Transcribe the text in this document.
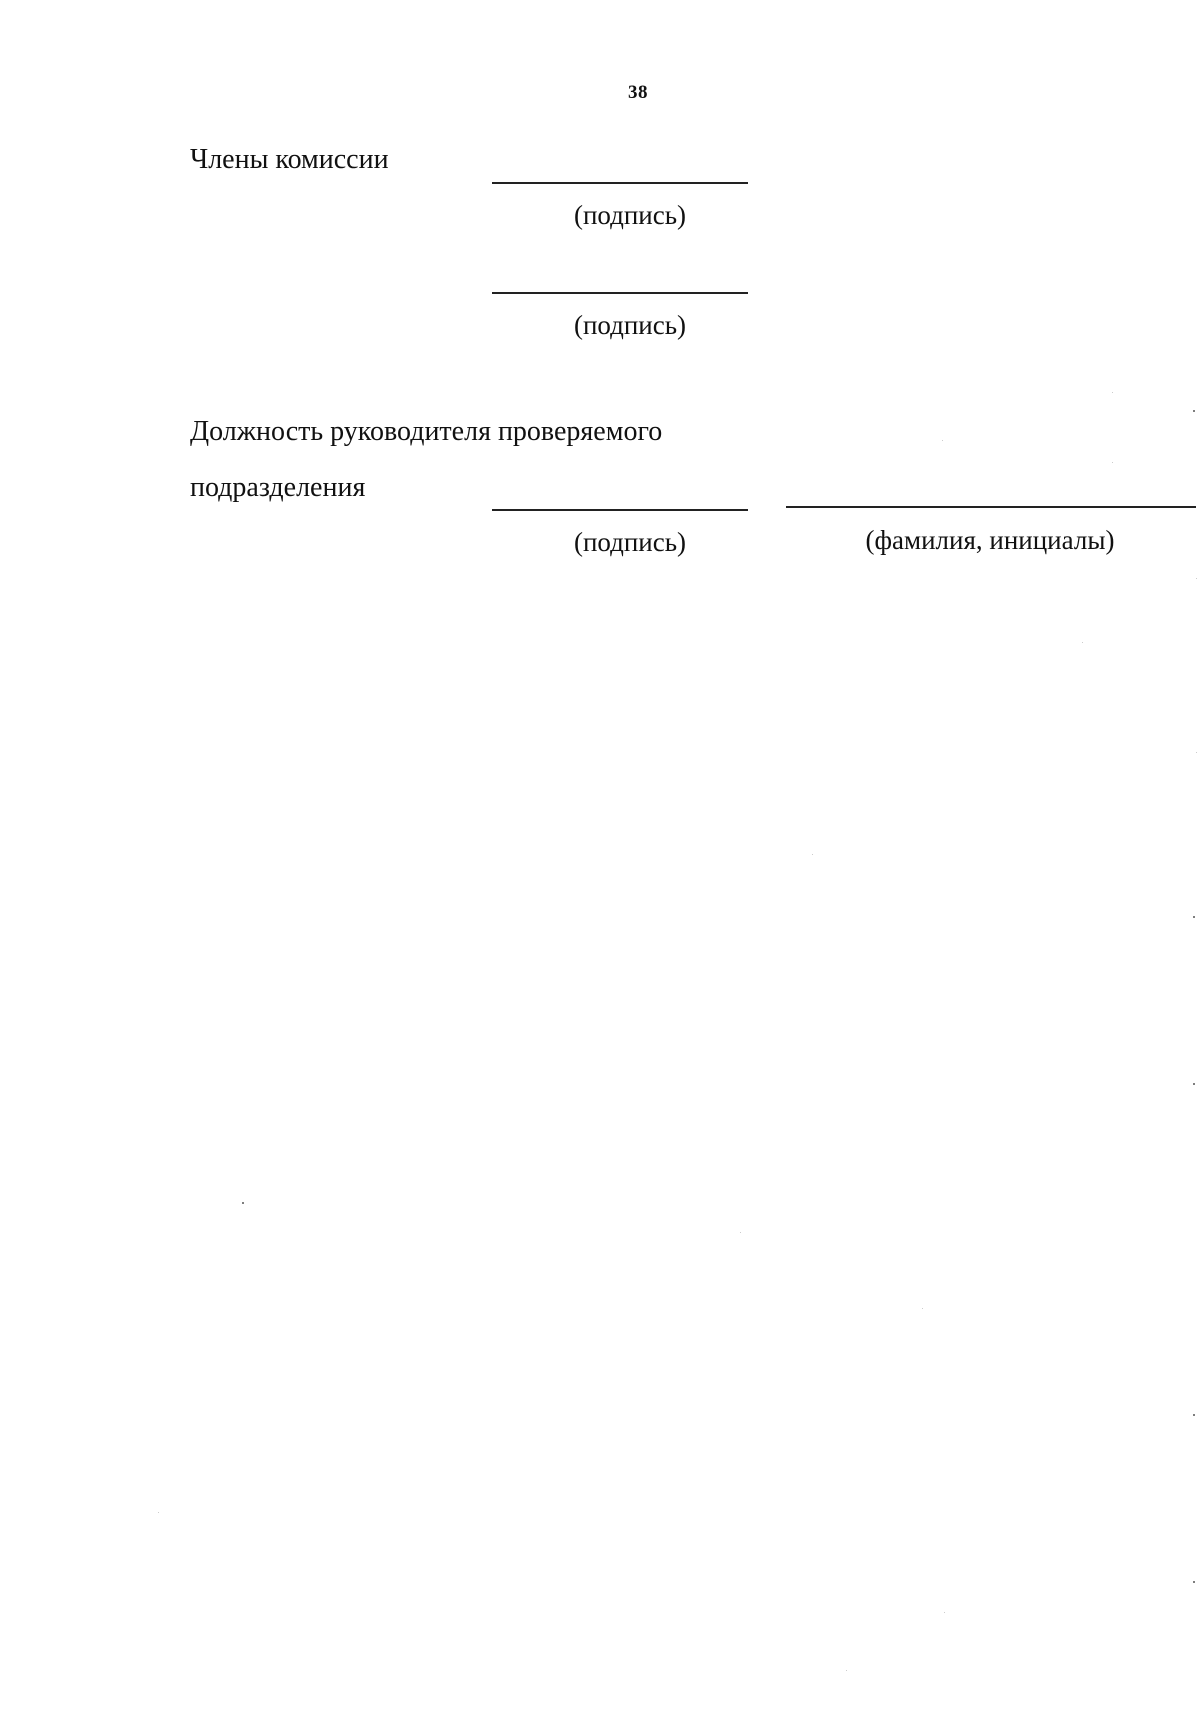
38
Члены комиссии
(подпись)
(подпись)
Должность руководителя проверяемого
подразделения
(подпись)	(фамилия, инициалы)
